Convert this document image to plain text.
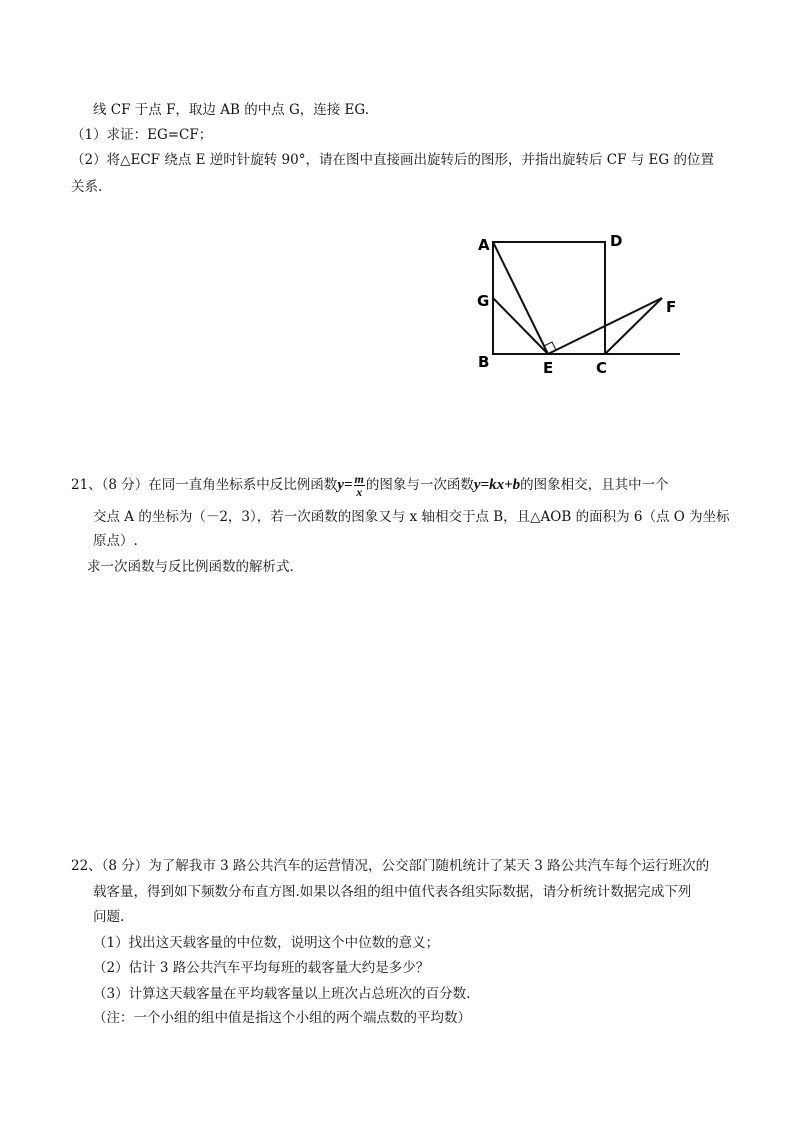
线 CF 于点 F，取边 AB 的中点 G，连接 EG.
（1）求证：EG=CF；
（2）将△ECF 绕点 E 逆时针旋转 90°，请在图中直接画出旋转后的图形，并指出旋转后 CF 与 EG 的位置
关系.
A	D
G
B	E	C
F
21、（8 分）在同一直角坐标系中反比例函数$y= \frac{m}{x}$ 的图象与一次函数y=kx+b的图象相交，且其中一个
交点 A 的坐标为（－2，3），若一次函数的图象又与 x 轴相交于点 B，且△AOB 的面积为 6（点 O 为坐标
原点）.
求一次函数与反比例函数的解析式.
22、（8 分）为了解我市 3 路公共汽车的运营情况，公交部门随机统计了某天 3 路公共汽车每个运行班次的
载客量，得到如下频数分布直方图.如果以各组的组中值代表各组实际数据，请分析统计数据完成下列
问题.
（1）找出这天载客量的中位数，说明这个中位数的意义；
（2）估计 3 路公共汽车平均每班的载客量大约是多少？
（3）计算这天载客量在平均载客量以上班次占总班次的百分数.
（注：一个小组的组中值是指这个小组的两个端点数的平均数）
